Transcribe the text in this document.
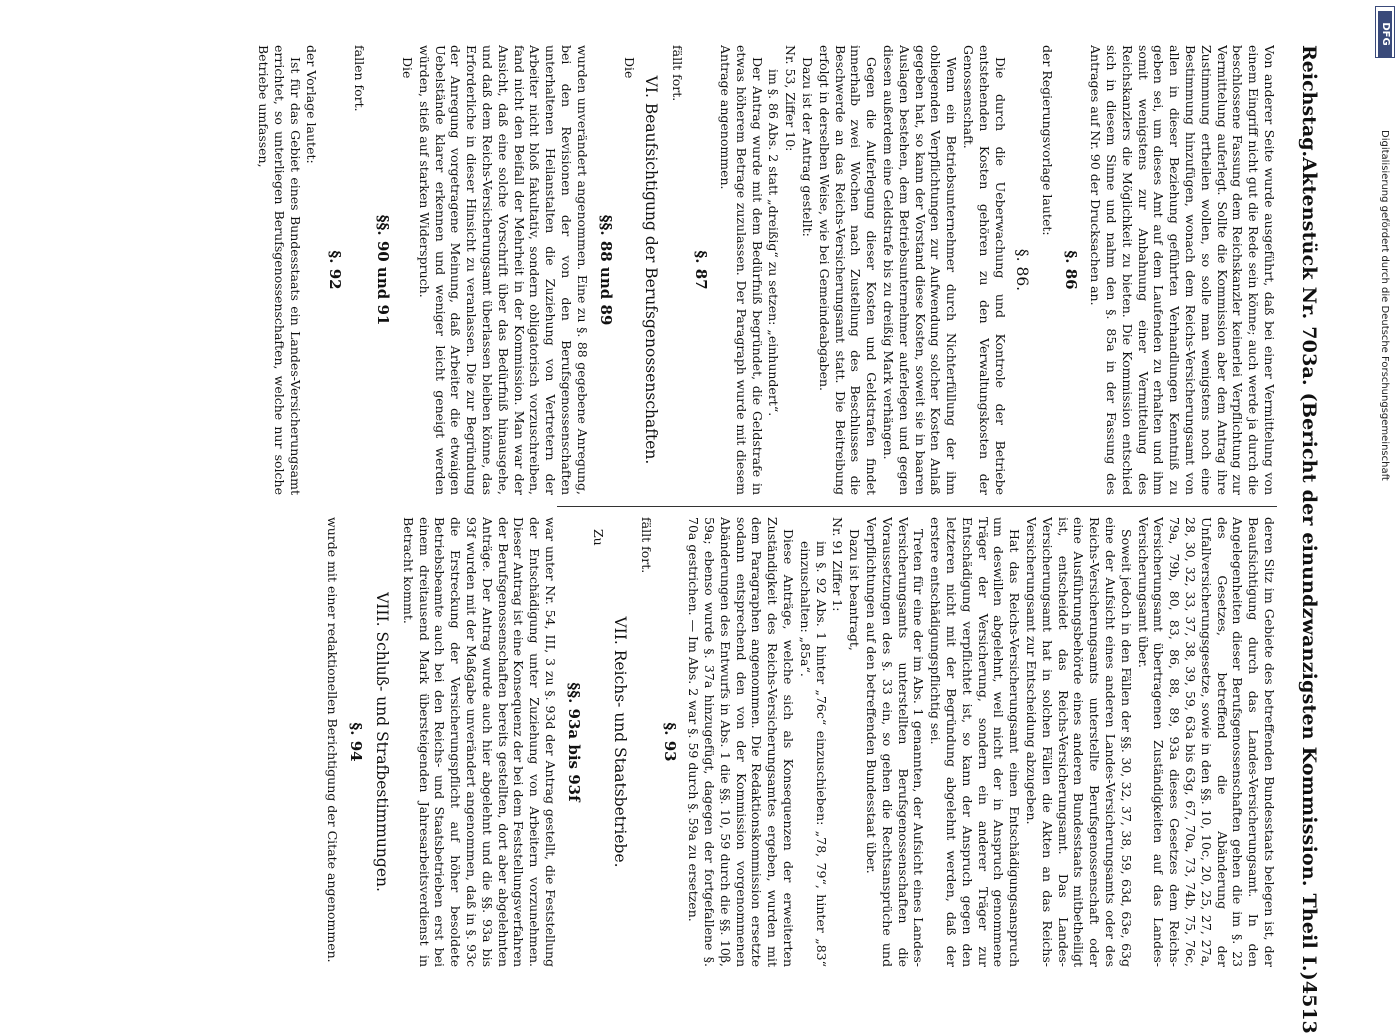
Reichstag.
Aktenstück Nr. 703a. (Bericht der einundzwanzigsten Kommission. Theil I.)
4513

Von anderer Seite wurde ausgeführt, daß bei einer Vermittelung von einem Eingriff nicht gut die Rede sein könne; auch werde ja durch die beschlossene Fassung dem Reichskanzler keinerlei Verpflichtung zur Vermittelung auferlegt. Sollte die Kommission aber dem Antrag ihre Zustimmung ertheilen wollen, so solle man wenigstens noch eine Bestimmung hinzufügen, wonach dem Reichs-Versicherungsamt von allen in dieser Beziehung geführten Verhandlungen Kenntniß zu geben sei, um dieses Amt auf dem Laufenden zu erhalten und ihm somit wenigstens zur Anbahnung einer Vermittelung des Reichskanzlers die Möglichkeit zu bieten. Die Kommission entschied sich in diesem Sinne und nahm den §. 85a in der Fassung des Antrages auf Nr. 90 der Drucksachen an.

§. 86

der Regierungsvorlage lautet:

§. 86.

Die durch die Ueberwachung und Kontrole der Betriebe entstehenden Kosten gehören zu den Verwaltungskosten der Genossenschaft.

Wenn ein Betriebsunternehmer durch Nichterfüllung der ihm obliegenden Verpflichtungen zur Aufwendung solcher Kosten Anlaß gegeben hat, so kann der Vorstand diese Kosten, soweit sie in baaren Auslagen bestehen, dem Betriebsunternehmer auferlegen und gegen diesen außerdem eine Geldstrafe bis zu dreißig Mark verhängen.

Gegen die Auferlegung dieser Kosten und Geldstrafen findet innerhalb zwei Wochen nach Zustellung des Beschlusses die Beschwerde an das Reichs-Versicherungsamt statt. Die Beitreibung erfolgt in derselben Weise, wie bei Gemeindeabgaben.

Dazu ist der Antrag gestellt:

Nr. 53, Ziffer 10:

im §. 86 Abs. 2 statt „dreißig“ zu setzen: „einhundert“.

Der Antrag wurde mit dem Bedürfniß begründet, die Geldstrafe in etwas höherem Betrage zuzulassen. Der Paragraph wurde mit diesem Antrage angenommen.

§. 87

fällt fort.

VI. Beaufsichtigung der Berufsgenossenschaften.

Die

§§. 88 und 89

wurden unverändert angenommen. Eine zu §. 88 gegebene Anregung, bei den Revisionen der von den Berufsgenossenschaften unterhaltenen Heilanstalten die Zuziehung von Vertretern der Arbeiter nicht bloß fakultativ, sondern obligatorisch vorzuschreiben, fand nicht den Beifall der Mehrheit in der Kommission. Man war der Ansicht, daß eine solche Vorschrift über das Bedürfniß hinausgehe, und daß dem Reichs-Versicherungsamt überlassen bleiben könne, das Erforderliche in dieser Hinsicht zu veranlassen. Die zur Begründung der Anregung vorgetragene Meinung, daß Arbeiter die etwaigen Uebelstände klarer erkennen und weniger leicht geneigt werden würden, stieß auf starken Widerspruch.

Die

§§. 90 und 91

fallen fort.

§. 92

der Vorlage lautet:

Ist für das Gebiet eines Bundesstaats ein Landes-Versicherungsamt errichtet, so unterliegen Berufsgenossenschaften, welche nur solche Betriebe umfassen,

deren Sitz im Gebiete des betreffenden Bundesstaats belegen ist, der Beaufsichtigung durch das Landes-Versicherungsamt. In den Angelegenheiten dieser Berufsgenossenschaften gehen die im §. 23 des Gesetzes, betreffend die Abänderung der Unfallversicherungsgesetze, sowie in den §§. 10, 10c, 20, 25, 27, 27a, 28, 30, 32, 33, 37, 38, 39, 59, 63a bis 63g, 67, 70a, 73, 74b, 75, 76c, 79a, 79b, 80, 83, 86, 88, 89, 93a dieses Gesetzes dem Reichs-Versicherungsamt übertragenen Zuständigkeiten auf das Landes-Versicherungsamt über.

Soweit jedoch in den Fällen der §§. 30, 32, 37, 38, 59, 63d, 63e, 63g eine der Aufsicht eines anderen Landes-Versicherungsamts oder des Reichs-Versicherungsamts unterstellte Berufsgenossenschaft oder eine Ausführungsbehörde eines anderen Bundesstaats mitbetheiligt ist, entscheidet das Reichs-Versicherungsamt. Das Landes-Versicherungsamt hat in solchen Fällen die Akten an das Reichs-Versicherungsamt zur Entscheidung abzugeben.

Hat das Reichs-Versicherungsamt einen Entschädigungsanspruch um deswillen abgelehnt, weil nicht der in Anspruch genommene Träger der Versicherung, sondern ein anderer Träger zur Entschädigung verpflichtet ist, so kann der Anspruch gegen den letzteren nicht mit der Begründung abgelehnt werden, daß der erstere entschädigungspflichtig sei.

Treten für eine der im Abs. 1 genannten, der Aufsicht eines Landes-Versicherungsamts unterstellten Berufsgenossenschaften die Voraussetzungen des §. 33 ein, so gehen die Rechtsansprüche und Verpflichtungen auf den betreffenden Bundesstaat über.

Dazu ist beantragt,

Nr. 91 Ziffer 1:

im §. 92 Abs. 1 hinter „76c“ einzuschieben: „78, 79“, hinter „83“ einzuschalten: „85a“.

Diese Anträge, welche sich als Konsequenzen der erweiterten Zuständigkeit des Reichs-Versicherungsamtes ergeben, wurden mit dem Paragraphen angenommen. Die Redaktionskommission ersetzte sodann entsprechend den von der Kommission vorgenommenen Abänderungen des Entwurfs in Abs. 1 die §§. 10, 59 durch die §§. 10β, 59a; ebenso wurde §. 37a hinzugefügt, dagegen der fortgefallene §. 70a gestrichen. — Im Abs. 2 war §. 59 durch §. 59a zu ersetzen.

§. 93

fällt fort.

VII. Reichs- und Staatsbetriebe.

Zu

§§. 93a bis 93f

war unter Nr. 54, III, 3 zu §. 93d der Antrag gestellt, die Feststellung der Entschädigung unter Zuziehung von Arbeitern vorzunehmen. Dieser Antrag ist eine Konsequenz der bei dem Feststellungsverfahren der Berufsgenossenschaften bereits gestellten, dort aber abgelehnten Anträge. Der Antrag wurde auch hier abgelehnt und die §§. 93a bis 93f wurden mit der Maßgabe unverändert angenommen, daß in §. 93c die Erstreckung der Versicherungspflicht auf höher besoldete Betriebsbeamte auch bei den Reichs- und Staatsbetrieben erst bei einem dreitausend Mark übersteigenden Jahresarbeitsverdienst in Betracht kommt.

VIII. Schluß- und Strafbestimmungen.
§. 94

wurde mit einer redaktionellen Berichtigung der Citate angenommen.

DFG
Digitalisierung gefördert durch die Deutsche Forschungsgemeinschaft
